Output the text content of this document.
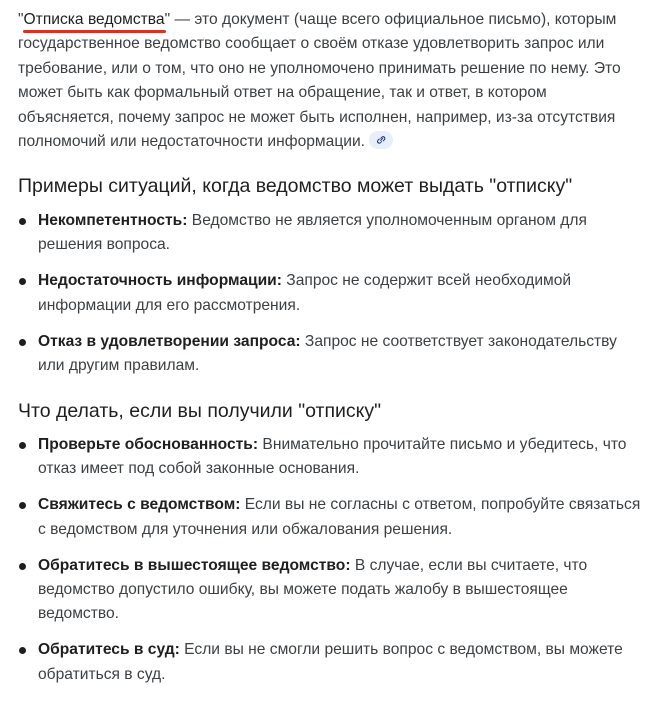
"Отписка ведомства" — это документ (чаще всего официальное письмо), которым государственное ведомство сообщает о своём отказе удовлетворить запрос или требование, или о том, что оно не уполномочено принимать решение по нему. Это может быть как формальный ответ на обращение, так и ответ, в котором объясняется, почему запрос не может быть исполнен, например, из-за отсутствия полномочий или недостаточности информации.

Примеры ситуаций, когда ведомство может выдать "отписку"
Некомпетентность: Ведомство не является уполномоченным органом для решения вопроса.
Недостаточность информации: Запрос не содержит всей необходимой информации для его рассмотрения.
Отказ в удовлетворении запроса: Запрос не соответствует законодательству или другим правилам.
Что делать, если вы получили "отписку"
Проверьте обоснованность: Внимательно прочитайте письмо и убедитесь, что отказ имеет под собой законные основания.
Свяжитесь с ведомством: Если вы не согласны с ответом, попробуйте связаться с ведомством для уточнения или обжалования решения.
Обратитесь в вышестоящее ведомство: В случае, если вы считаете, что ведомство допустило ошибку, вы можете подать жалобу в вышестоящее ведомство.
Обратитесь в суд: Если вы не смогли решить вопрос с ведомством, вы можете обратиться в суд.
